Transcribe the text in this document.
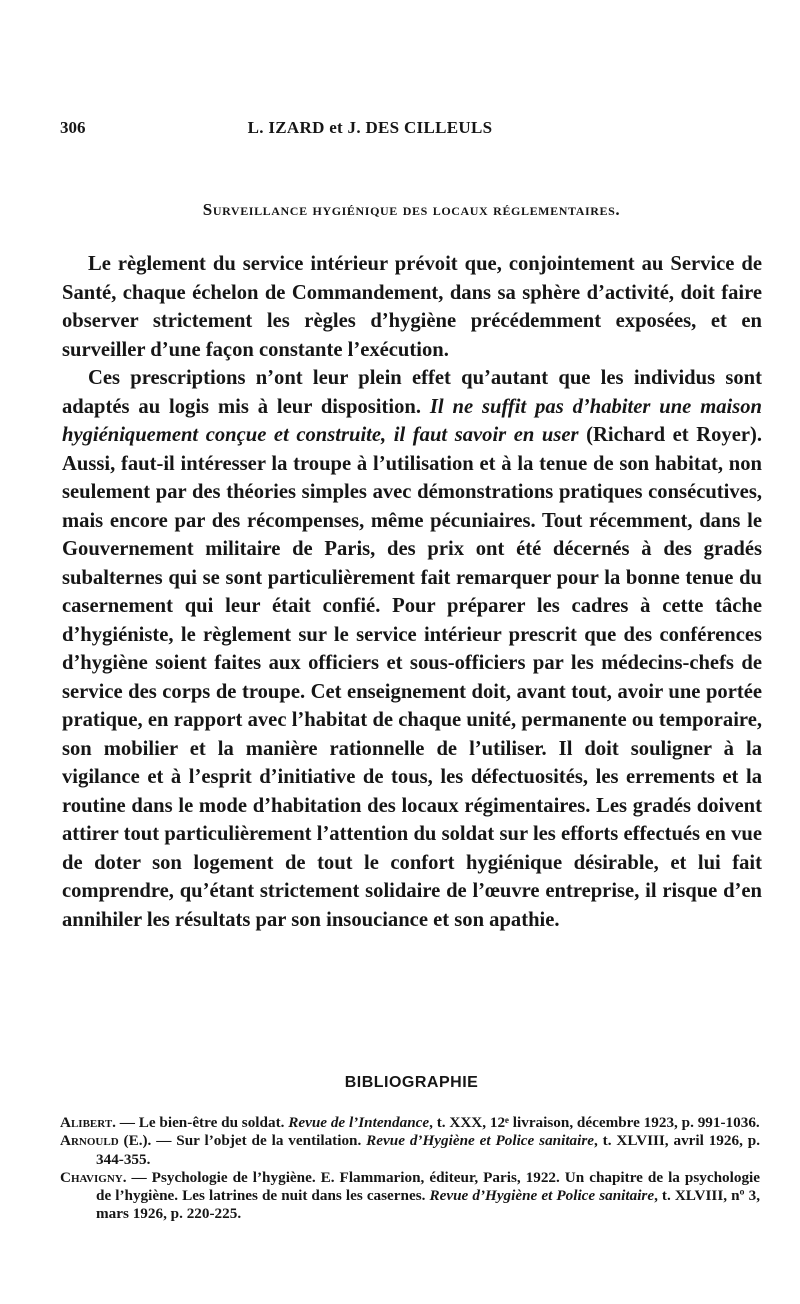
306	L. IZARD et J. DES CILLEULS
Surveillance hygiénique des locaux réglementaires.

Le règlement du service intérieur prévoit que, conjointement au Service de Santé, chaque échelon de Commandement, dans sa sphère d’activité, doit faire observer strictement les règles d’hygiène précédemment exposées, et en surveiller d’une façon constante l’exécution.

Ces prescriptions n’ont leur plein effet qu’autant que les individus sont adaptés au logis mis à leur disposition. Il ne suffit pas d’habiter une maison hygiéniquement conçue et construite, il faut savoir en user (Richard et Royer). Aussi, faut-il intéresser la troupe à l’utilisation et à la tenue de son habitat, non seulement par des théories simples avec démonstrations pratiques consécutives, mais encore par des récompenses, même pécuniaires. Tout récemment, dans le Gouvernement militaire de Paris, des prix ont été décernés à des gradés subalternes qui se sont particulièrement fait remarquer pour la bonne tenue du casernement qui leur était confié. Pour préparer les cadres à cette tâche d’hygiéniste, le règlement sur le service intérieur prescrit que des conférences d’hygiène soient faites aux officiers et sous-officiers par les médecins-chefs de service des corps de troupe. Cet enseignement doit, avant tout, avoir une portée pratique, en rapport avec l’habitat de chaque unité, permanente ou temporaire, son mobilier et la manière rationnelle de l’utiliser. Il doit souligner à la vigilance et à l’esprit d’initiative de tous, les défectuosités, les errements et la routine dans le mode d’habitation des locaux régimentaires. Les gradés doivent attirer tout particulièrement l’attention du soldat sur les efforts effectués en vue de doter son logement de tout le confort hygiénique désirable, et lui fait comprendre, qu’étant strictement solidaire de l’œuvre entreprise, il risque d’en annihiler les résultats par son insouciance et son apathie.

BIBLIOGRAPHIE

Alibert. — Le bien-être du soldat. Revue de l’Intendance, t. XXX, 12ᵉ livraison, décembre 1923, p. 991-1036.

Arnould (E.). — Sur l’objet de la ventilation. Revue d’Hygiène et Police sanitaire, t. XLVIII, avril 1926, p. 344-355.

Chavigny. — Psychologie de l’hygiène. E. Flammarion, éditeur, Paris, 1922. Un chapitre de la psychologie de l’hygiène. Les latrines de nuit dans les casernes. Revue d’Hygiène et Police sanitaire, t. XLVIII, nº 3, mars 1926, p. 220-225.
